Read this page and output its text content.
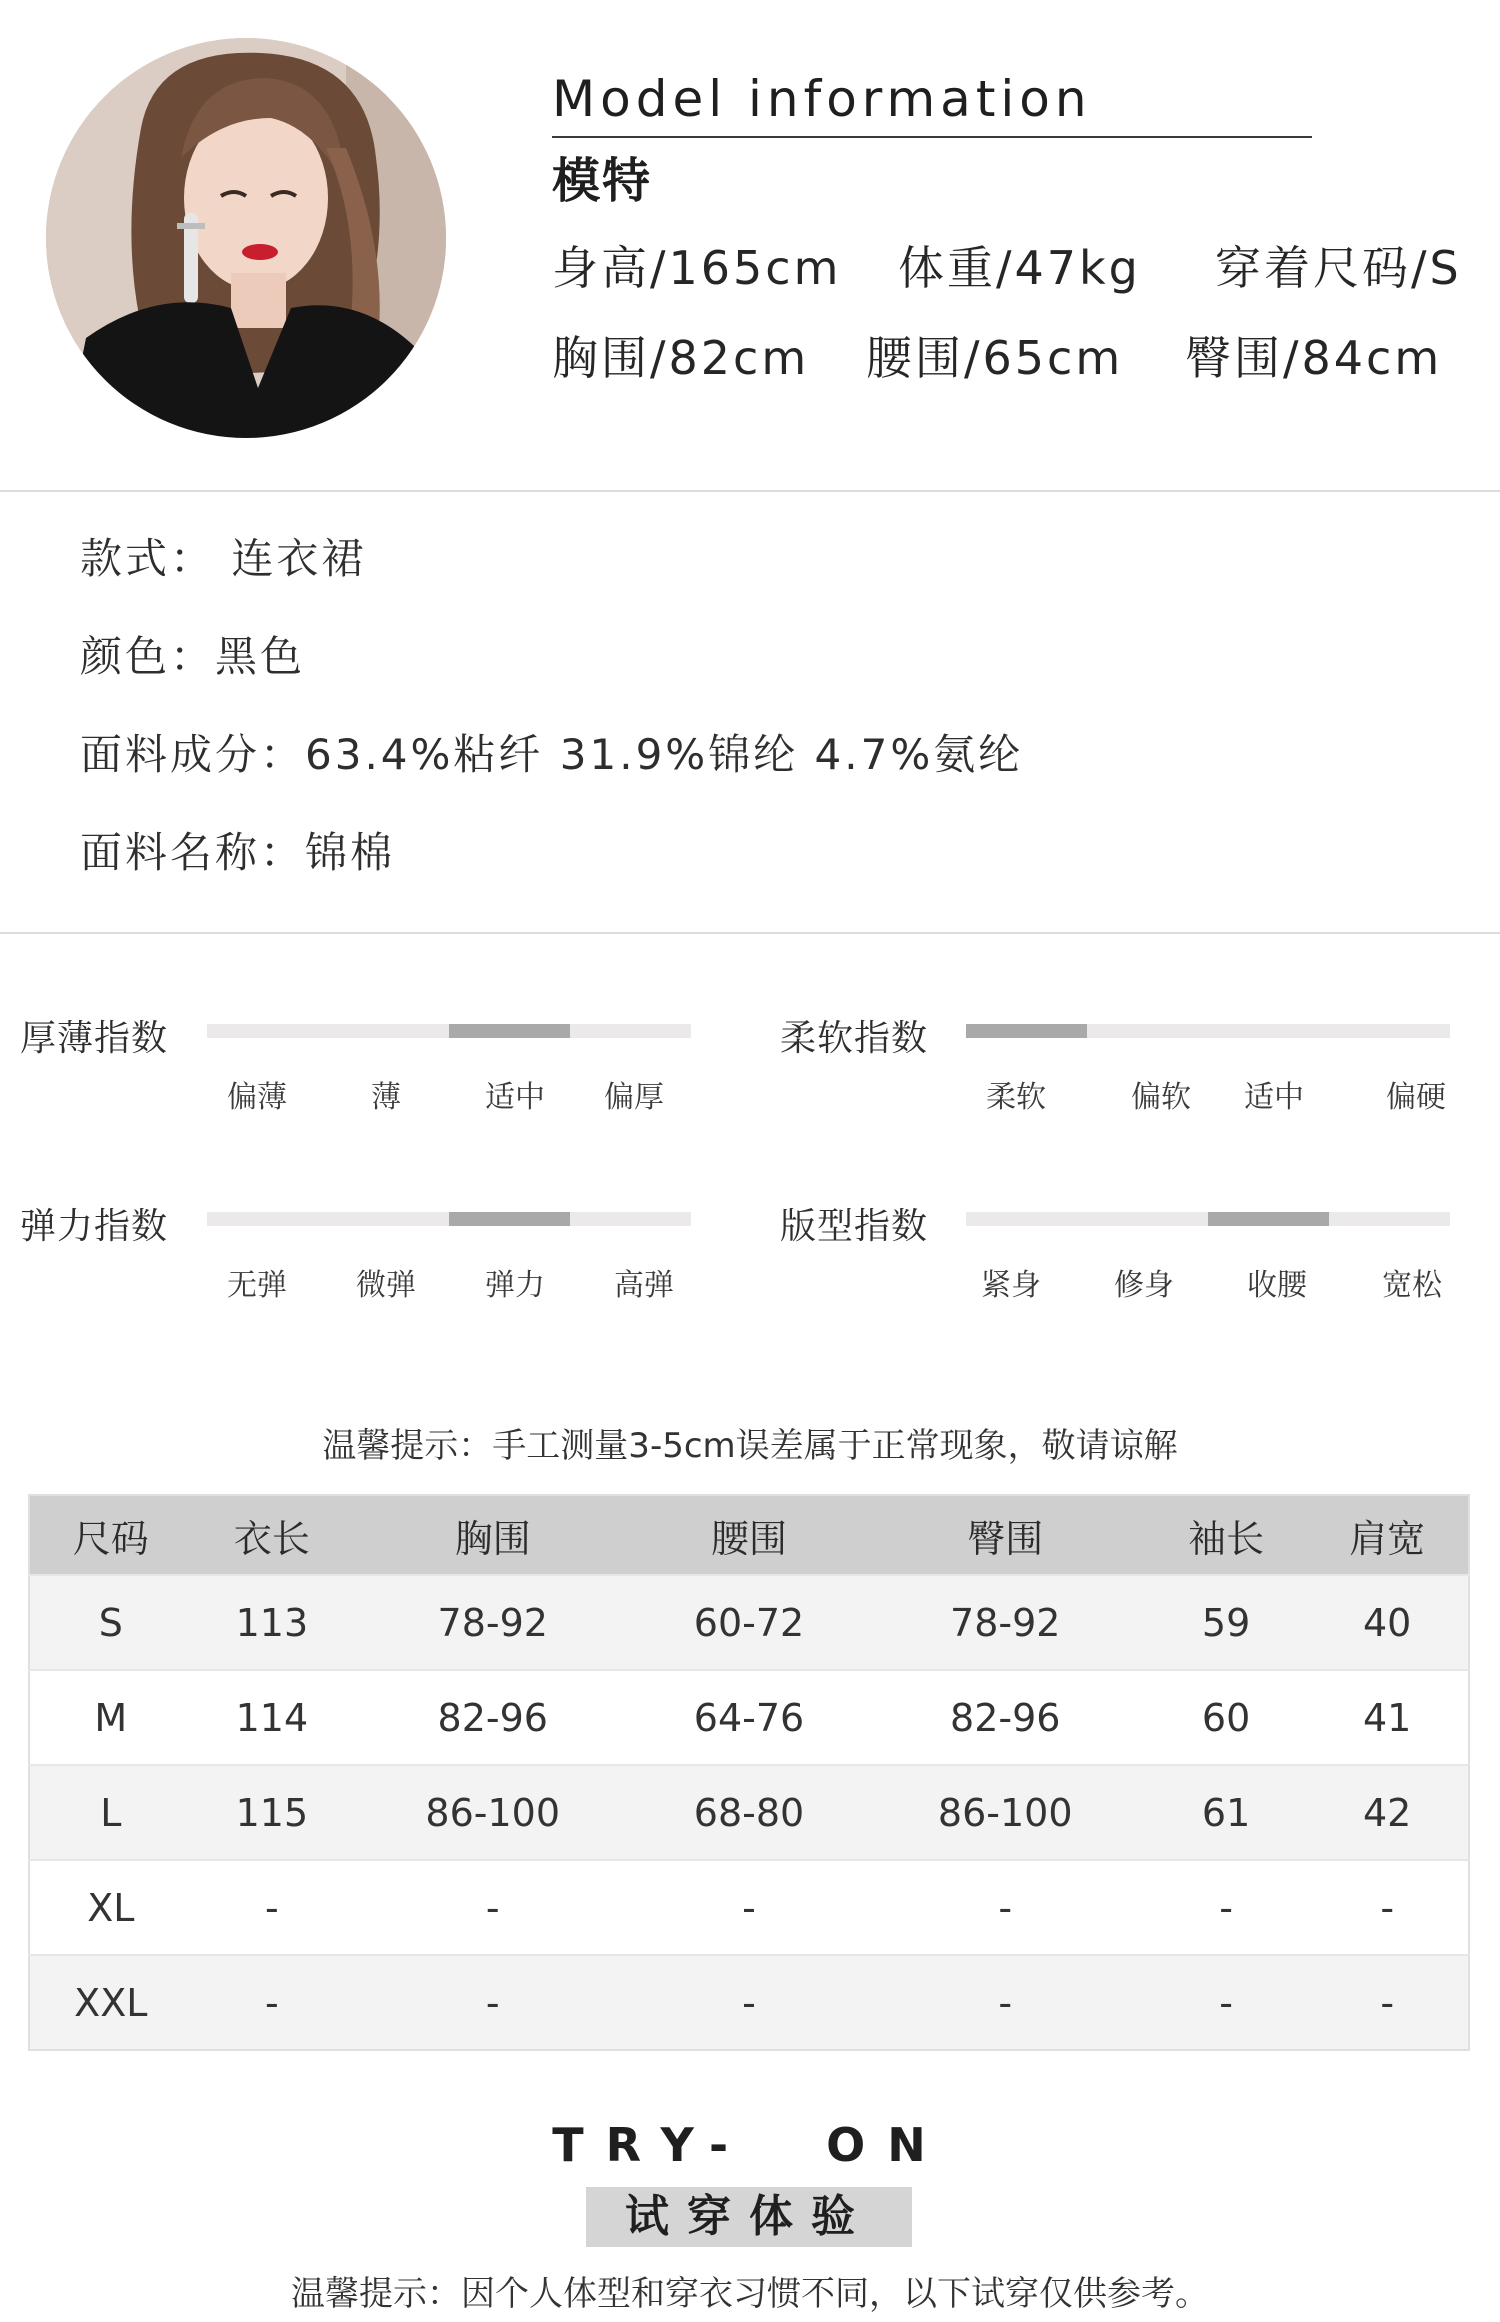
Model information
模特
身高/165cm 体重/47kg 穿着尺码/S
胸围/82cm 腰围/65cm 臀围/84cm
款式： 连衣裙
颜色：黑色
面料成分：63.4%粘纤 31.9%锦纶 4.7%氨纶
面料名称：锦棉
厚薄指数
偏薄	薄	适中	偏厚
柔软指数
柔软	偏软	适中	偏硬
弹力指数
无弹	微弹	弹力	高弹
版型指数
紧身	修身	收腰	宽松
温馨提示：手工测量3-5cm误差属于正常现象，敬请谅解
尺码	衣长	胸围	腰围	臀围	袖长	肩宽
S	113	78-92	60-72	78-92	59	40
M	114	82-96	64-76	82-96	60	41
L	115	86-100	68-80	86-100	61	42
XL	-	-	-	-	-	-
XXL	-	-	-	-	-	-
TRY-  ON
试穿体验
温馨提示：因个人体型和穿衣习惯不同，以下试穿仅供参考。
